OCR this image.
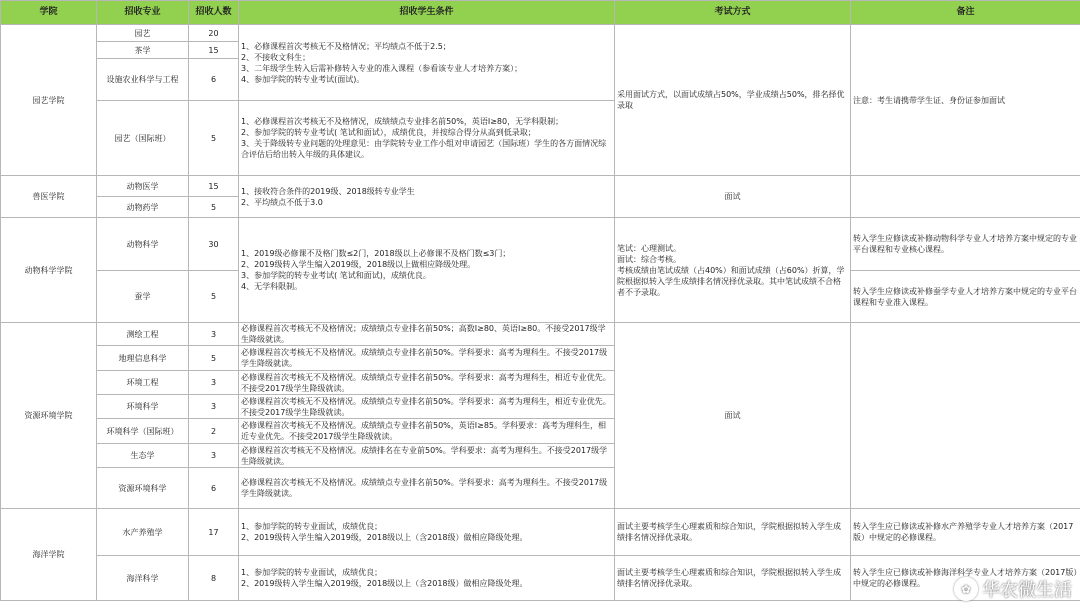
学院	招收专业	招收人数	招收学生条件	考试方式	备注
园艺学院	园艺	20	1、必修课程首次考核无不及格情况；平均绩点不低于2.5；
2、不接收文科生；
3、二年级学生转入后需补修转入专业的准入课程（参看该专业人才培养方案）；
4、参加学院的转专业考试(面试)。	采用面试方式，以面试成绩占50%，学业成绩占50%，排名择优录取	注意：考生请携带学生证、身份证参加面试
	茶学	15			
	设施农业科学与工程	6			
	园艺（国际班）	5	1、必修课程首次考核无不及格情况，成绩绩点专业排名前50%，英语I≥80，无学科限制；
2、参加学院的转专业考试( 笔试和面试），成绩优良，并按综合得分从高到低录取；
3、关于降级转专业问题的处理意见：由学院转专业工作小组对申请园艺（国际班）学生的各方面情况综合评估后给出转入年级的具体建议。		
兽医学院	动物医学	15	1、接收符合条件的2019级、2018级转专业学生
2、平均绩点不低于3.0	面试	
	动物药学	5			
动物科学学院	动物科学	30	1、2019级必修课不及格门数≤2门，2018级以上必修课不及格门数≤3门；
2、2019级转入学生编入2019级，2018级以上做相应降级处理。
3、参加学院的转专业考试( 笔试和面试)，成绩优良。
4、无学科限制。	笔试：心理测试。
面试：综合考核。
考核成绩由笔试成绩（占40%）和面试成绩（占60%）折算，学院根据拟转入学生成绩排名情况择优录取。其中笔试成绩不合格者不予录取。	转入学生应修读或补修动物科学专业人才培养方案中规定的专业平台课程和专业核心课程。
	蚕学	5			转入学生应修读或补修蚕学专业人才培养方案中规定的专业平台课程和专业准入课程。
资源环境学院	测绘工程	3	必修课程首次考核无不及格情况；成绩绩点专业排名前50%；高数Ⅰ≥80、英语Ⅰ≥80。不接受2017级学生降级就读。	面试	
	地理信息科学	5	必修课程首次考核无不及格情况。成绩绩点专业排名前50%。学科要求：高考为理科生。不接受2017级学生降级就读。		
	环境工程	3	必修课程首次考核无不及格情况。成绩绩点专业排名前50%。学科要求：高考为理科生，相近专业优先。不接受2017级学生降级就读。		
	环境科学	3	必修课程首次考核无不及格情况。成绩绩点专业排名前50%。学科要求：高考为理科生，相近专业优先。不接受2017级学生降级就读。		
	环境科学（国际班）	2	必修课程首次考核无不及格情况。成绩绩点专业排名前50%，英语Ⅰ≥85。学科要求：高考为理科生，相近专业优先。不接受2017级学生降级就读。		
	生态学	3	必修课程首次考核无不及格情况。成绩排名在专业前50%。学科要求：高考为理科生。不接受2017级学生降级就读。		
	资源环境科学	6	必修课程首次考核无不及格情况。成绩绩点专业排名前50%。学科要求：高考为理科生。不接受2017级学生降级就读。		
海洋学院	水产养殖学	17	1、参加学院的转专业面试，成绩优良；
2、2019级转入学生编入2019级，2018级以上（含2018级）做相应降级处理。	面试主要考核学生心理素质和综合知识，学院根据拟转入学生成绩排名情况择优录取。	转入学生应已修读或补修水产养殖学专业人才培养方案（2017版）中规定的必修课程。
	海洋科学	8	1、参加学院的转专业面试，成绩优良；
2、2019级转入学生编入2019级，2018级以上（含2018级）做相应降级处理。	面试主要考核学生心理素质和综合知识，学院根据拟转入学生成绩排名情况择优录取。	转入学生应已修读或补修海洋科学专业人才培养方案（2017版）中规定的必修课程。	✿ 华农微生活
